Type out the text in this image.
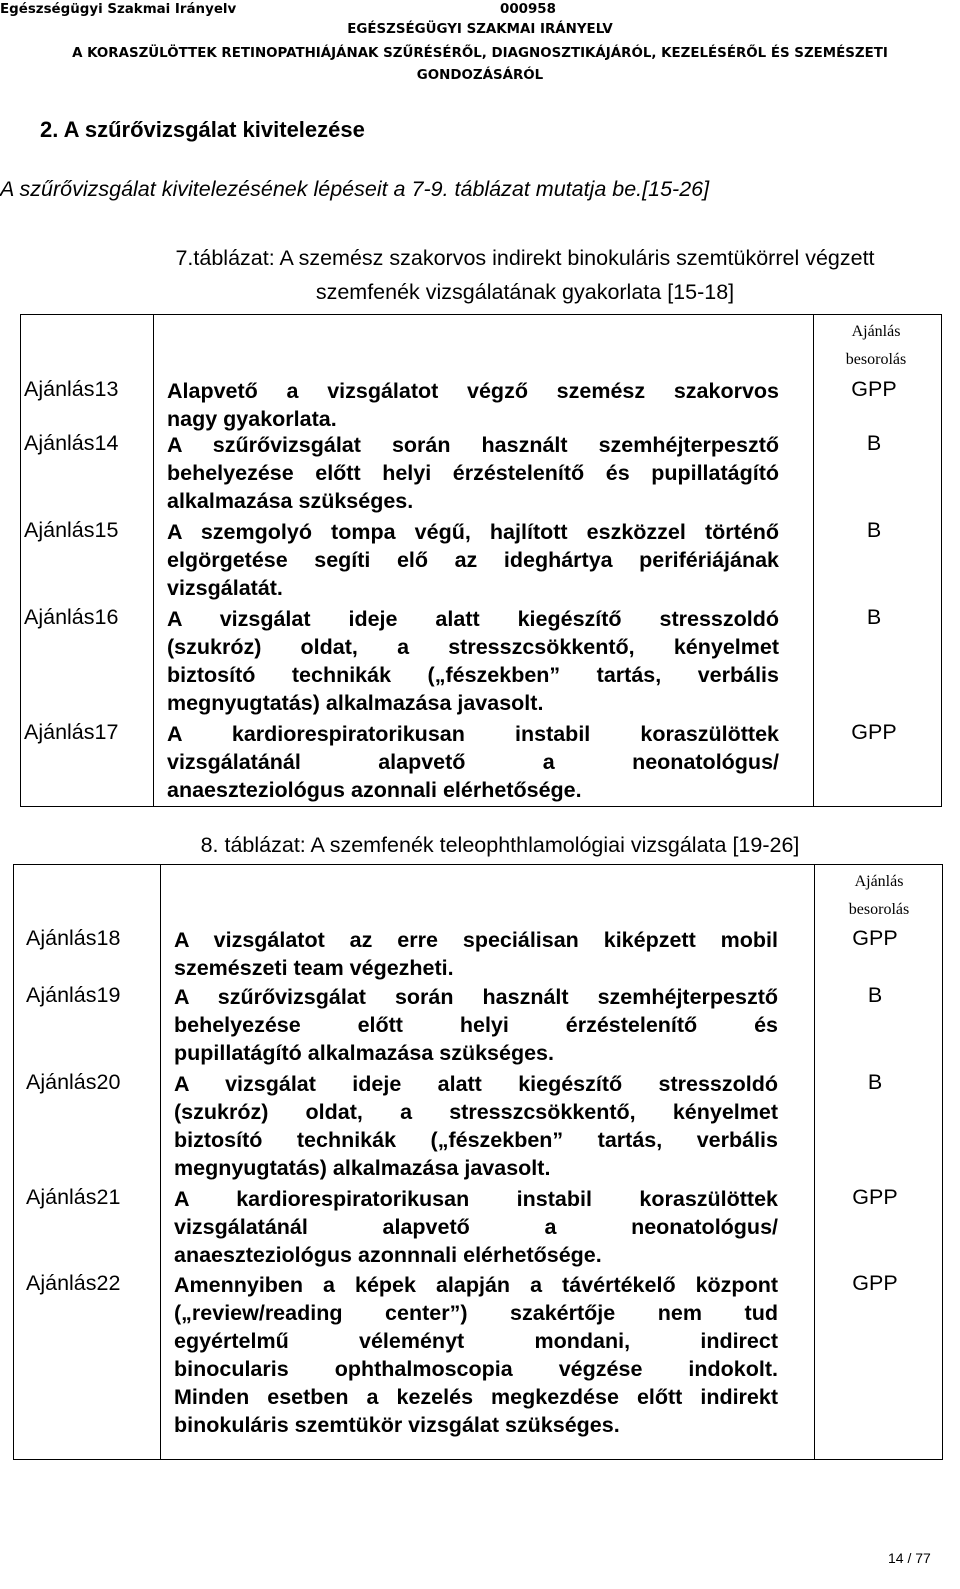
Egészségügyi Szakmai Irányelv	000958
EGÉSZSÉGÜGYI SZAKMAI IRÁNYELV
A KORASZÜLÖTTEK RETINOPATHIÁJÁNAK SZŰRÉSÉRŐL, DIAGNOSZTIKÁJÁRÓL, KEZELÉSÉRŐL ÉS SZEMÉSZETI
GONDOZÁSÁRÓL
2. A szűrővizsgálat kivitelezése
A szűrővizsgálat kivitelezésének lépéseit a 7-9. táblázat mutatja be.[15-26]
7.táblázat: A szemész szakorvos indirekt binokuláris szemtükörrel végzett
szemfenék vizsgálatának gyakorlata [15-18]
Ajánlás
besorolás
Ajánlás13 Alapvető a vizsgálatot végző szemész szakorvos
nagy gyakorlata.
GPP
Ajánlás14 A szűrővizsgálat során használt szemhéjterpesztő
behelyezése előtt helyi érzéstelenítő és pupillatágító
alkalmazása szükséges.
B
Ajánlás15 A szemgolyó tompa végű, hajlított eszközzel történő
elgörgetése segíti elő az ideghártya perifériájának
vizsgálatát.
B
Ajánlás16 A vizsgálat ideje alatt kiegészítő stresszoldó
(szukróz) oldat, a stresszcsökkentő, kényelmet
biztosító technikák („fészekben” tartás, verbális
megnyugtatás) alkalmazása javasolt.
B
Ajánlás17 A kardiorespiratorikusan instabil koraszülöttek
vizsgálatánál alapvető a neonatológus/
anaeszteziológus azonnali elérhetősége.
GPP
8. táblázat: A szemfenék teleophthlamológiai vizsgálata [19-26]
Ajánlás
besorolás
Ajánlás18 A vizsgálatot az erre speciálisan kiképzett mobil
szemészeti team végezheti.
GPP
Ajánlás19 A szűrővizsgálat során használt szemhéjterpesztő
behelyezése előtt helyi érzéstelenítő és
pupillatágító alkalmazása szükséges.
B
Ajánlás20 A vizsgálat ideje alatt kiegészítő stresszoldó
(szukróz) oldat, a stresszcsökkentő, kényelmet
biztosító technikák („fészekben” tartás, verbális
megnyugtatás) alkalmazása javasolt.
B
Ajánlás21 A kardiorespiratorikusan instabil koraszülöttek
vizsgálatánál alapvető a neonatológus/
anaeszteziológus azonnnali elérhetősége.
GPP
Ajánlás22 Amennyiben a képek alapján a távértékelő központ
(„review/reading center”) szakértője nem tud
egyértelmű véleményt mondani, indirect
binocularis ophthalmoscopia végzése indokolt.
Minden esetben a kezelés megkezdése előtt indirekt
binokuláris szemtükör vizsgálat szükséges.
GPP
14 / 77
